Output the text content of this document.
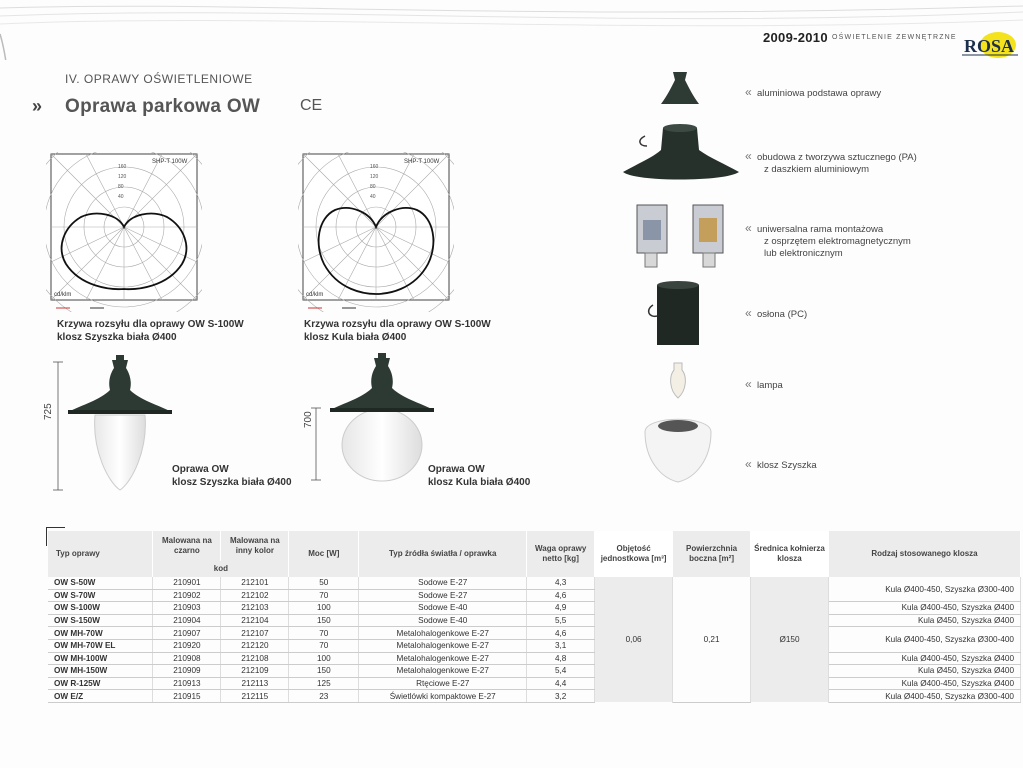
2009-2010 OŚWIETLENIE ZEWNĘTRZNE ROSA
IV. OPRAWY OŚWIETLENIOWE
» Oprawa parkowa OW CE
SHP-T 100W
160
120
80
40
cd/klm
Krzywa rozsyłu dla oprawy OW S-100W
klosz Szyszka biała Ø400
SHP-T 100W
160
120
80
40
cd/klm
Krzywa rozsyłu dla oprawy OW S-100W
klosz Kula biała Ø400
725
Oprawa OW
klosz Szyszka biała Ø400
700
Oprawa OW
klosz Kula biała Ø400
« aluminiowa podstawa oprawy
« obudowa z tworzywa sztucznego (PA)
z daszkiem aluminiowym
« uniwersalna rama montażowa
z osprzętem elektromagnetycznym
lub elektronicznym
« osłona (PC)
« lampa
« klosz Szyszka
Typ oprawy	Malowana na czarno	Malowana na inny kolor	Moc [W]	Typ źródła światła / oprawka	Waga oprawy netto [kg]	Objętość jednostkowa [m³]	Powierzchnia boczna [m²]	Średnica kołnierza klosza	Rodzaj stosowanego klosza
	kod								
OW S-50W	210901	212101	50	Sodowe E-27	4,3	0,06	0,21	Ø150	Kula Ø400-450, Szyszka Ø300-400
OW S-70W	210902	212102	70	Sodowe E-27	4,6				
OW S-100W	210903	212103	100	Sodowe E-40	4,9				Kula Ø400-450, Szyszka Ø400
OW S-150W	210904	212104	150	Sodowe E-40	5,5				Kula Ø450, Szyszka Ø400
OW MH-70W	210907	212107	70	Metalohalogenkowe E-27	4,6				Kula Ø400-450, Szyszka Ø300-400
OW MH-70W EL	210920	212120	70	Metalohalogenkowe E-27	3,1				
OW MH-100W	210908	212108	100	Metalohalogenkowe E-27	4,8				Kula Ø400-450, Szyszka Ø400
OW MH-150W	210909	212109	150	Metalohalogenkowe E-27	5,4				Kula Ø450, Szyszka Ø400
OW R-125W	210913	212113	125	Rtęciowe E-27	4,4				Kula Ø400-450, Szyszka Ø400
OW E/Z	210915	212115	23	Świetlówki kompaktowe E-27	3,2				Kula Ø400-450, Szyszka Ø300-400
